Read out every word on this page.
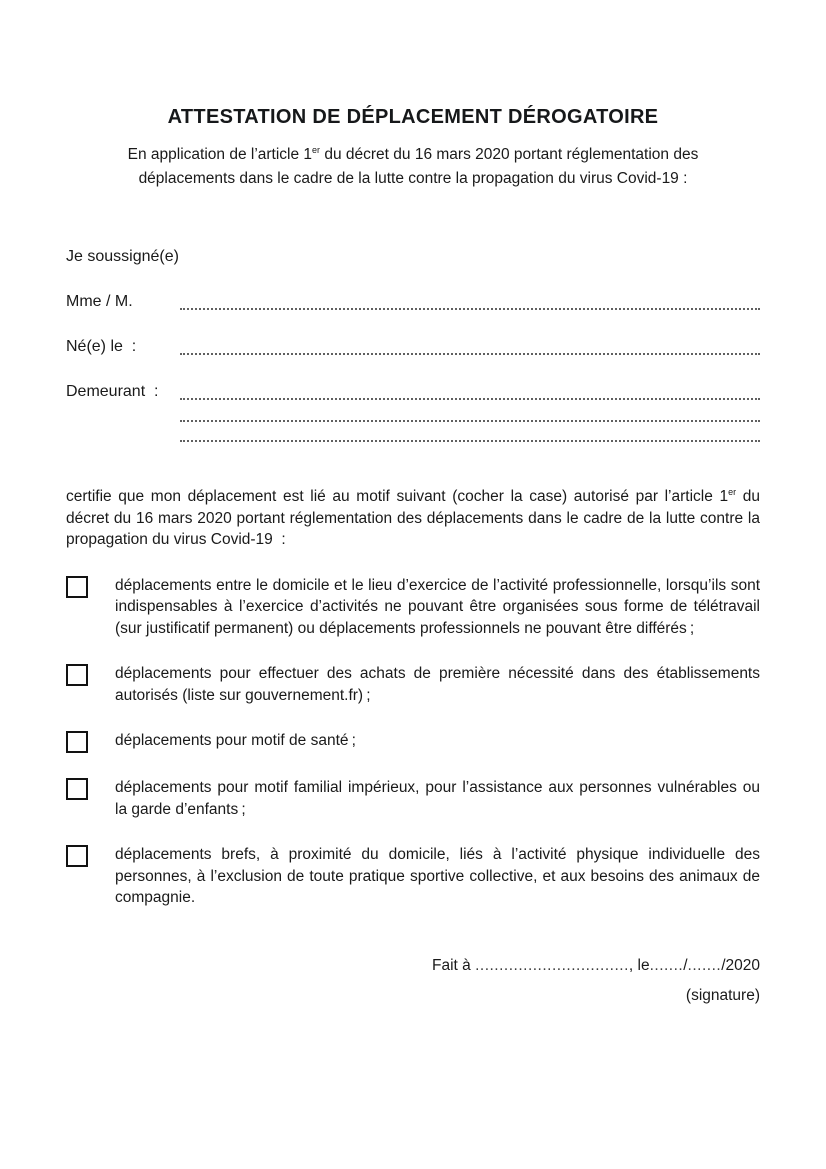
ATTESTATION DE DÉPLACEMENT DÉROGATOIRE
En application de l’article 1er du décret du 16 mars 2020 portant réglementation des déplacements dans le cadre de la lutte contre la propagation du virus Covid-19 :
Je soussigné(e)
Mme / M.
Né(e) le  :
Demeurant  :
certifie que mon déplacement est lié au motif suivant (cocher la case) autorisé par l’article 1er du décret du 16 mars 2020 portant réglementation des déplacements dans le cadre de la lutte contre la propagation du virus Covid-19  :
déplacements entre le domicile et le lieu d’exercice de l’activité professionnelle, lorsqu’ils sont indispensables à l’exercice d’activités ne pouvant être organisées sous forme de télétravail (sur justificatif permanent) ou déplacements professionnels ne pouvant être différés ;
déplacements pour effectuer des achats de première nécessité dans des établissements autorisés (liste sur gouvernement.fr) ;
déplacements pour motif de santé ;
déplacements pour motif familial impérieux, pour l’assistance aux personnes vulnérables ou la garde d’enfants ;
déplacements brefs, à proximité du domicile, liés à l’activité physique individuelle des personnes, à l’exclusion de toute pratique sportive collective, et aux besoins des animaux de compagnie.
Fait à ................................, le......./......./2020
(signature)
